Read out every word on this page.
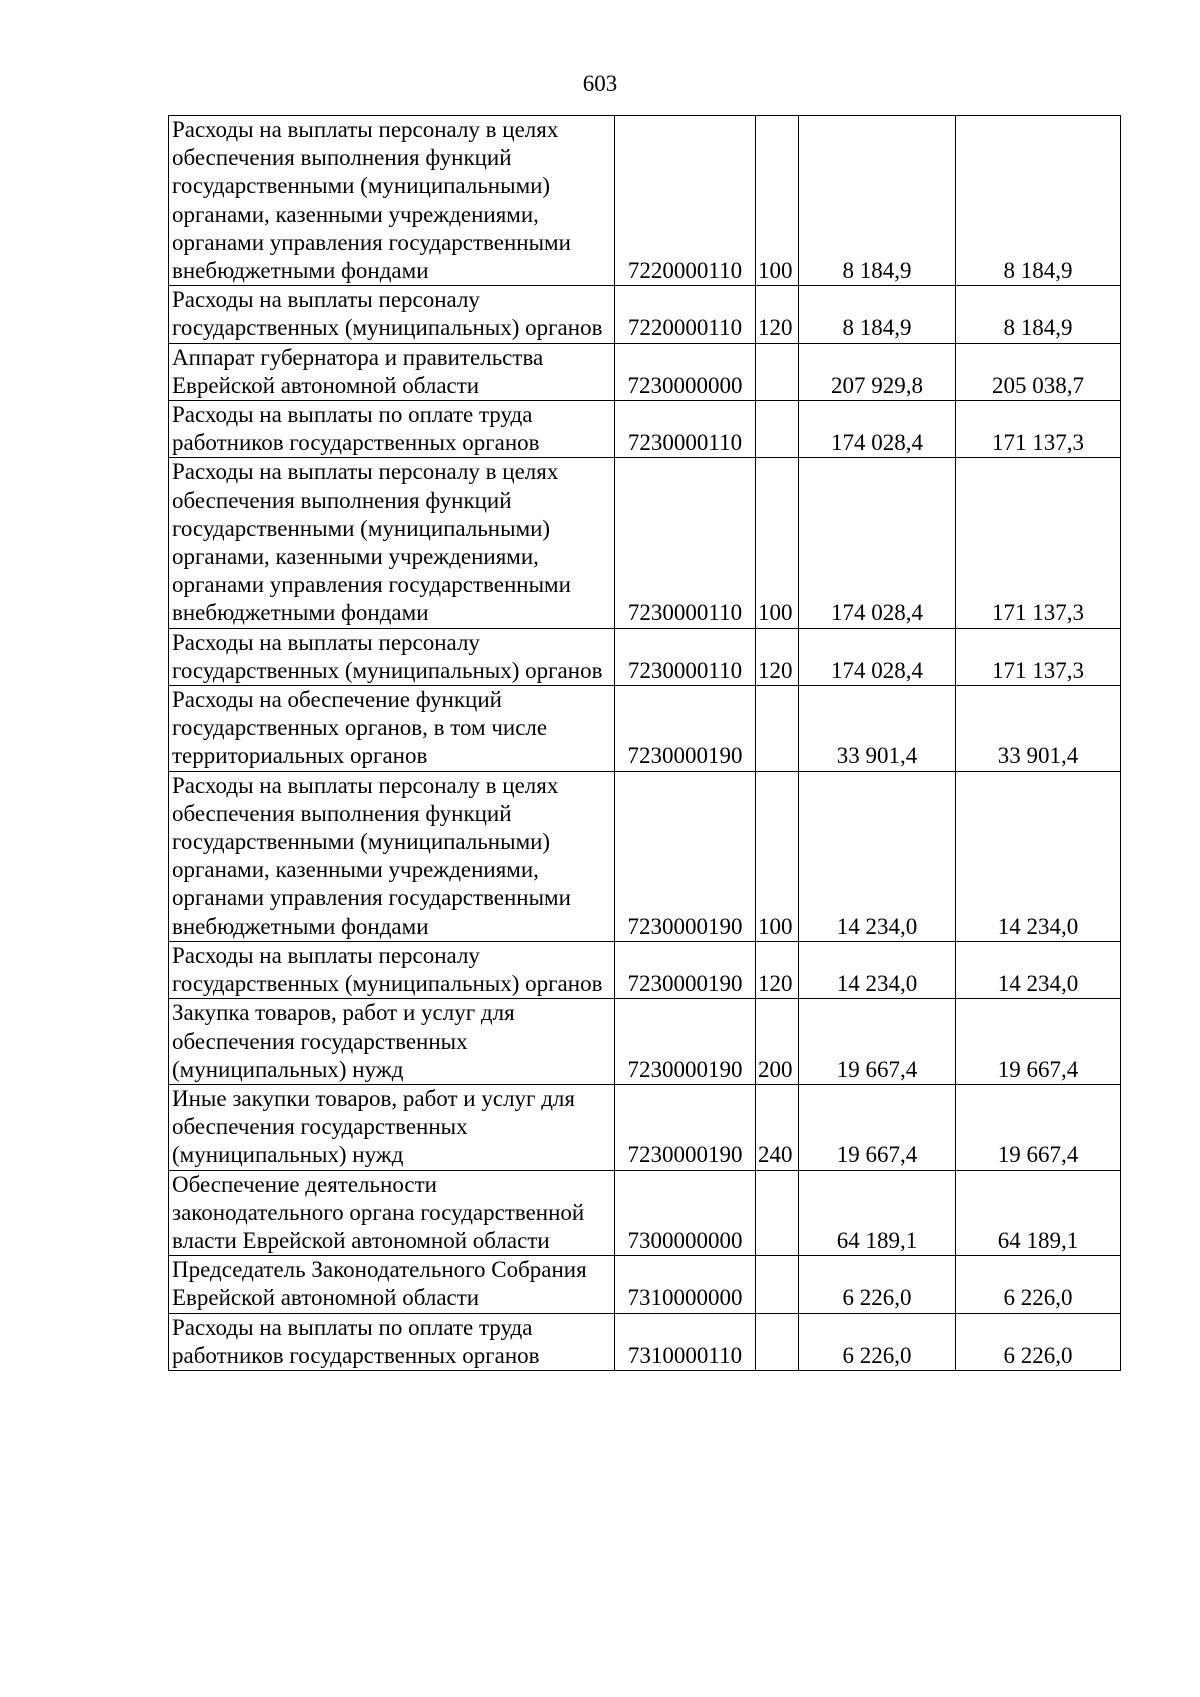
603
Расходы на выплаты персоналу в целях обеспечения выполнения функций государственными (муниципальными) органами, казенными учреждениями, органами управления государственными внебюджетными фондами	7220000110	100	8 184,9	8 184,9
Расходы на выплаты персоналу государственных (муниципальных) органов	7220000110	120	8 184,9	8 184,9
Аппарат губернатора и правительства Еврейской автономной области	7230000000		207 929,8	205 038,7
Расходы на выплаты по оплате труда работников государственных органов	7230000110		174 028,4	171 137,3
Расходы на выплаты персоналу в целях обеспечения выполнения функций государственными (муниципальными) органами, казенными учреждениями, органами управления государственными внебюджетными фондами	7230000110	100	174 028,4	171 137,3
Расходы на выплаты персоналу государственных (муниципальных) органов	7230000110	120	174 028,4	171 137,3
Расходы на обеспечение функций государственных органов, в том числе территориальных органов	7230000190		33 901,4	33 901,4
Расходы на выплаты персоналу в целях обеспечения выполнения функций государственными (муниципальными) органами, казенными учреждениями, органами управления государственными внебюджетными фондами	7230000190	100	14 234,0	14 234,0
Расходы на выплаты персоналу государственных (муниципальных) органов	7230000190	120	14 234,0	14 234,0
Закупка товаров, работ и услуг для обеспечения государственных (муниципальных) нужд	7230000190	200	19 667,4	19 667,4
Иные закупки товаров, работ и услуг для обеспечения государственных (муниципальных) нужд	7230000190	240	19 667,4	19 667,4
Обеспечение деятельности законодательного органа государственной власти Еврейской автономной области	7300000000		64 189,1	64 189,1
Председатель Законодательного Собрания Еврейской автономной области	7310000000		6 226,0	6 226,0
Расходы на выплаты по оплате труда работников государственных органов	7310000110		6 226,0	6 226,0
